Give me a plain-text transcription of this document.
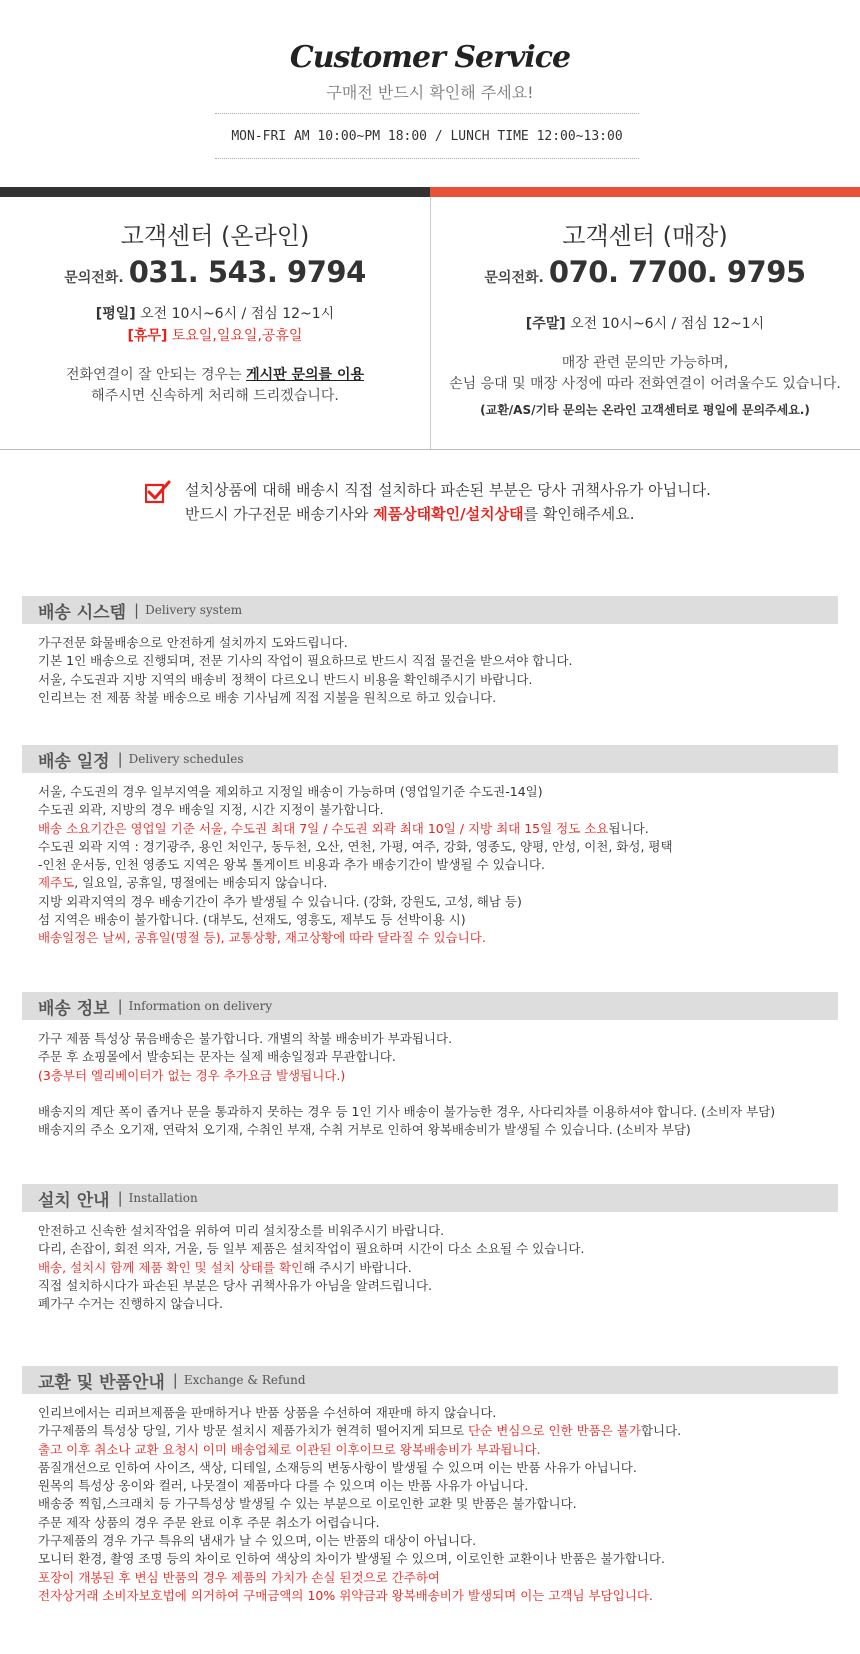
Customer Service
구매전 반드시 확인해 주세요!
MON-FRI AM 10:00~PM 18:00 / LUNCH TIME 12:00~13:00
고객센터 (온라인)
문의전화. 031. 543. 9794
[평일] 오전 10시~6시 / 점심 12~1시
[휴무] 토요일,일요일,공휴일
전화연결이 잘 안되는 경우는 게시판 문의를 이용
해주시면 신속하게 처리해 드리겠습니다.
고객센터 (매장)
문의전화. 070. 7700. 9795
[주말] 오전 10시~6시 / 점심 12~1시
매장 관련 문의만 가능하며,
손님 응대 및 매장 사정에 따라 전화연결이 어려울수도 있습니다.
(교환/AS/기타 문의는 온라인 고객센터로 평일에 문의주세요.)
설치상품에 대해 배송시 직접 설치하다 파손된 부분은 당사 귀책사유가 아닙니다.
반드시 가구전문 배송기사와 제품상태확인/설치상태를 확인해주세요.
배송 시스템 | Delivery system
가구전문 화물배송으로 안전하게 설치까지 도와드립니다.
기본 1인 배송으로 진행되며, 전문 기사의 작업이 필요하므로 반드시 직접 물건을 받으셔야 합니다.
서울, 수도권과 지방 지역의 배송비 정책이 다르오니 반드시 비용을 확인해주시기 바랍니다.
인리브는 전 제품 착불 배송으로 배송 기사님께 직접 지불을 원칙으로 하고 있습니다.
배송 일정 | Delivery schedules
서울, 수도권의 경우 일부지역을 제외하고 지정일 배송이 가능하며 (영업일기준 수도권-14일)
수도권 외곽, 지방의 경우 배송일 지정, 시간 지정이 불가합니다.
배송 소요기간은 영업일 기준 서울, 수도권 최대 7일 / 수도권 외곽 최대 10일 / 지방 최대 15일 정도 소요됩니다.
수도권 외곽 지역 : 경기광주, 용인 처인구, 동두천, 오산, 연천, 가평, 여주, 강화, 영종도, 양평, 안성, 이천, 화성, 평택
-인천 운서동, 인천 영종도 지역은 왕복 톨게이트 비용과 추가 배송기간이 발생될 수 있습니다.
제주도, 일요일, 공휴일, 명절에는 배송되지 않습니다.
지방 외곽지역의 경우 배송기간이 추가 발생될 수 있습니다. (강화, 강원도, 고성, 해남 등)
섬 지역은 배송이 불가합니다. (대부도, 선재도, 영흥도, 제부도 등 선박이용 시)
배송일정은 날씨, 공휴일(명절 등), 교통상황, 재고상황에 따라 달라질 수 있습니다.
배송 정보 | Information on delivery
가구 제품 특성상 묶음배송은 불가합니다. 개별의 착불 배송비가 부과됩니다.
주문 후 쇼핑몰에서 발송되는 문자는 실제 배송일정과 무관합니다.
(3층부터 엘리베이터가 없는 경우 추가요금 발생됩니다.)
배송지의 계단 폭이 좁거나 문을 통과하지 못하는 경우 등 1인 기사 배송이 불가능한 경우, 사다리차를 이용하셔야 합니다. (소비자 부담)
배송지의 주소 오기재, 연락처 오기재, 수취인 부재, 수취 거부로 인하여 왕복배송비가 발생될 수 있습니다. (소비자 부담)
설치 안내 | Installation
안전하고 신속한 설치작업을 위하여 미리 설치장소를 비워주시기 바랍니다.
다리, 손잡이, 회전 의자, 거울, 등 일부 제품은 설치작업이 필요하며 시간이 다소 소요될 수 있습니다.
배송, 설치시 함께 제품 확인 및 설치 상태를 확인해 주시기 바랍니다.
직접 설치하시다가 파손된 부분은 당사 귀책사유가 아님을 알려드립니다.
폐가구 수거는 진행하지 않습니다.
교환 및 반품안내 | Exchange & Refund
인리브에서는 리퍼브제품을 판매하거나 반품 상품을 수선하여 재판매 하지 않습니다.
가구제품의 특성상 당일, 기사 방문 설치시 제품가치가 현격히 떨어지게 되므로 단순 변심으로 인한 반품은 불가합니다.
출고 이후 취소나 교환 요청시 이미 배송업체로 이관된 이후이므로 왕복배송비가 부과됩니다.
품질개선으로 인하여 사이즈, 색상, 디테일, 소재등의 변동사항이 발생될 수 있으며 이는 반품 사유가 아닙니다.
원목의 특성상 옹이와 컬러, 나뭇결이 제품마다 다를 수 있으며 이는 반품 사유가 아닙니다.
배송중 찍힘,스크래치 등 가구특성상 발생될 수 있는 부분으로 이로인한 교환 및 반품은 불가합니다.
주문 제작 상품의 경우 주문 완료 이후 주문 취소가 어렵습니다.
가구제품의 경우 가구 특유의 냄새가 날 수 있으며, 이는 반품의 대상이 아닙니다.
모니터 환경, 촬영 조명 등의 차이로 인하여 색상의 차이가 발생될 수 있으며, 이로인한 교환이나 반품은 불가합니다.
포장이 개봉된 후 변심 반품의 경우 제품의 가치가 손실 된것으로 간주하여
전자상거래 소비자보호법에 의거하여 구매금액의 10% 위약금과 왕복배송비가 발생되며 이는 고객님 부담입니다.
